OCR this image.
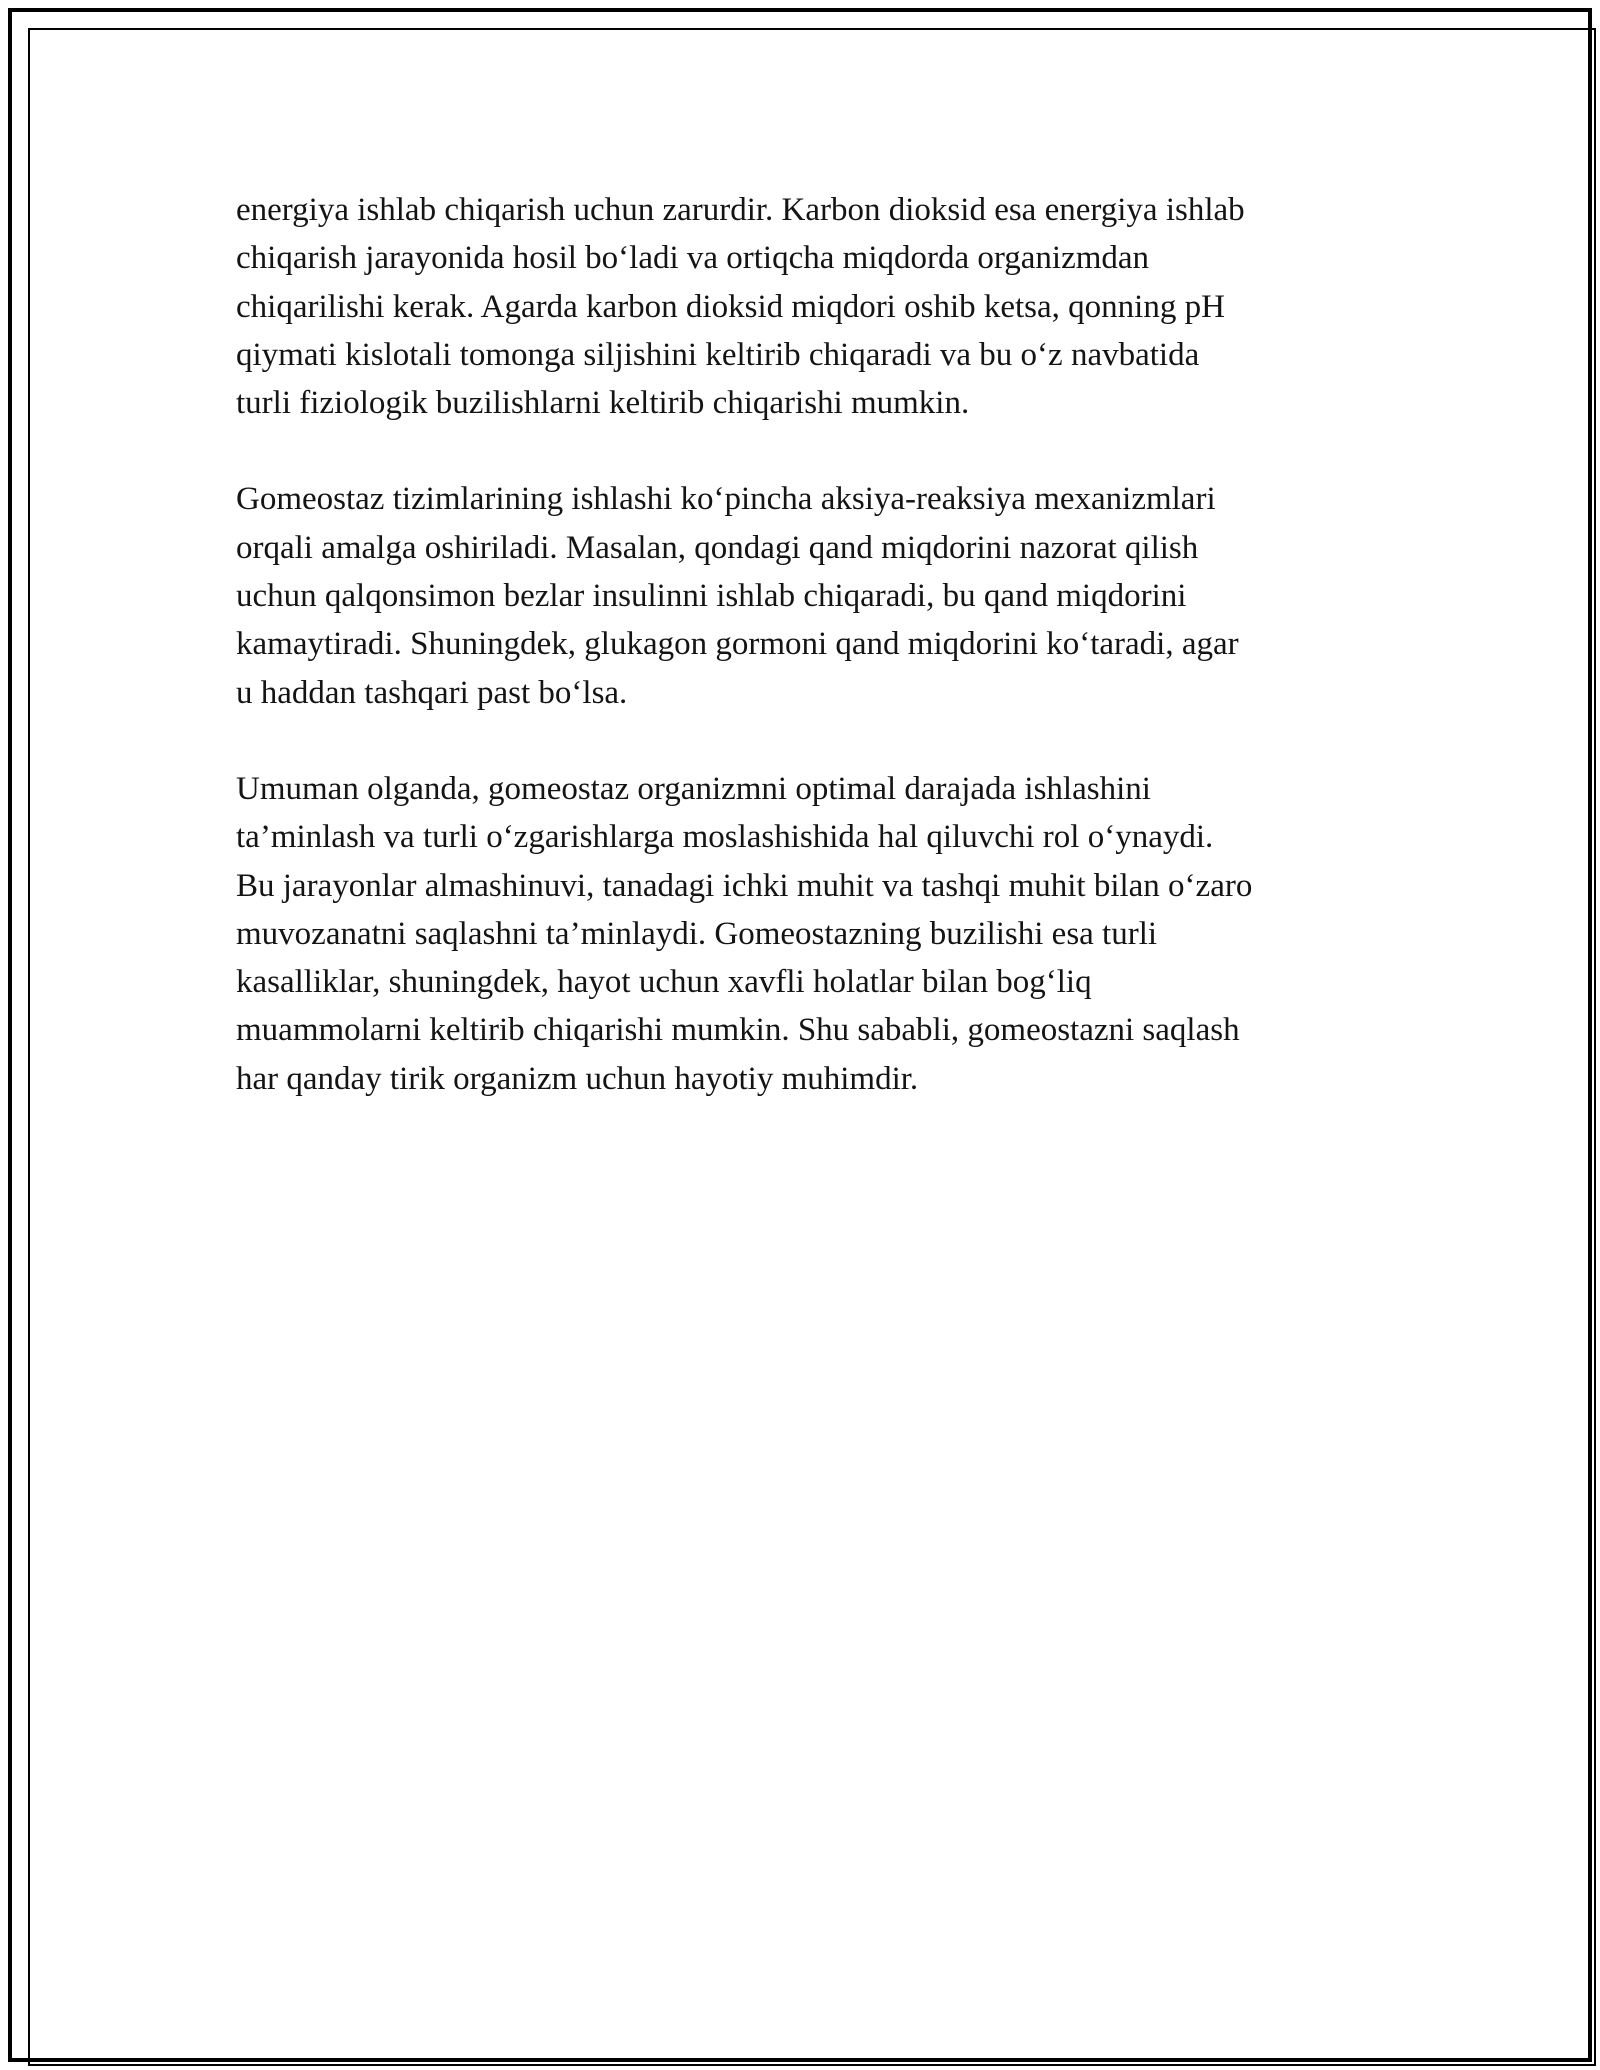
energiya ishlab chiqarish uchun zarurdir. Karbon dioksid esa energiya ishlab
chiqarish jarayonida hosil bo‘ladi va ortiqcha miqdorda organizmdan
chiqarilishi kerak. Agarda karbon dioksid miqdori oshib ketsa, qonning pH
qiymati kislotali tomonga siljishini keltirib chiqaradi va bu o‘z navbatida
turli fiziologik buzilishlarni keltirib chiqarishi mumkin.

Gomeostaz tizimlarining ishlashi ko‘pincha aksiya-reaksiya mexanizmlari
orqali amalga oshiriladi. Masalan, qondagi qand miqdorini nazorat qilish
uchun qalqonsimon bezlar insulinni ishlab chiqaradi, bu qand miqdorini
kamaytiradi. Shuningdek, glukagon gormoni qand miqdorini ko‘taradi, agar
u haddan tashqari past bo‘lsa.

Umuman olganda, gomeostaz organizmni optimal darajada ishlashini
ta’minlash va turli o‘zgarishlarga moslashishida hal qiluvchi rol o‘ynaydi.
Bu jarayonlar almashinuvi, tanadagi ichki muhit va tashqi muhit bilan o‘zaro
muvozanatni saqlashni ta’minlaydi. Gomeostazning buzilishi esa turli
kasalliklar, shuningdek, hayot uchun xavfli holatlar bilan bog‘liq
muammolarni keltirib chiqarishi mumkin. Shu sababli, gomeostazni saqlash
har qanday tirik organizm uchun hayotiy muhimdir.
